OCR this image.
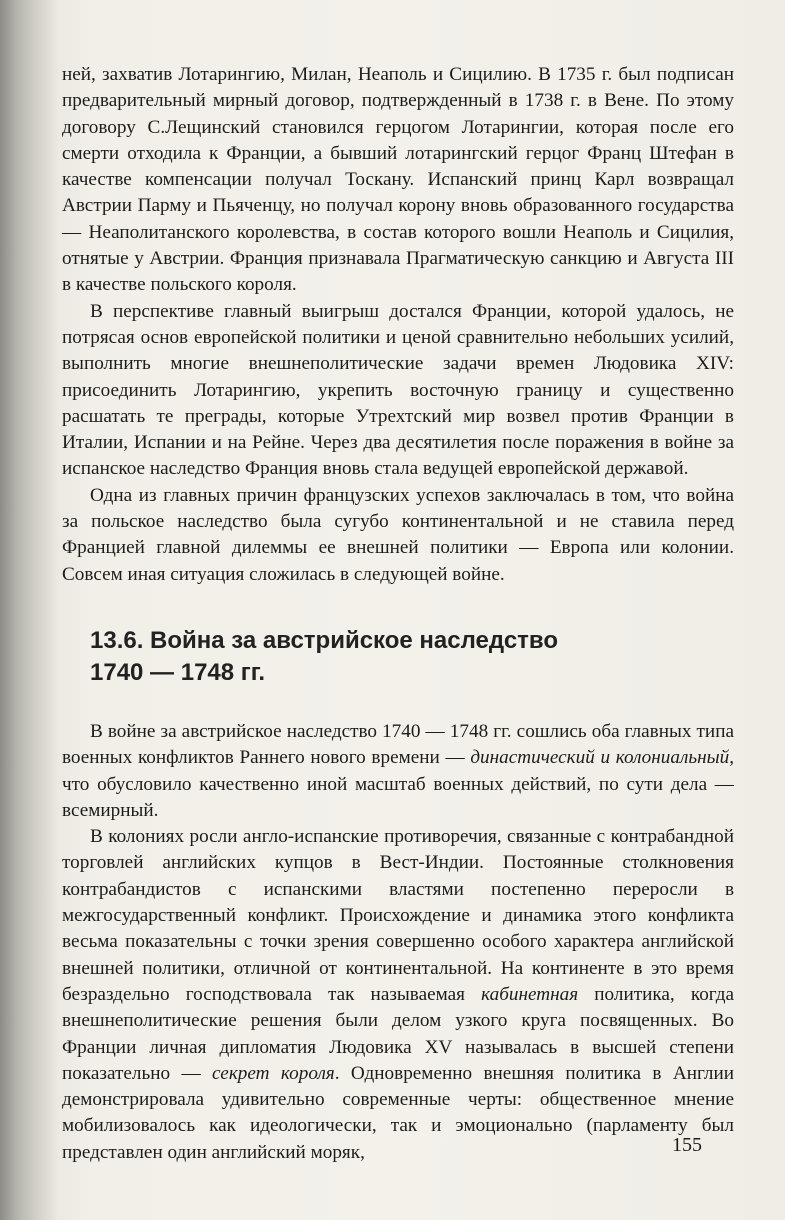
ней, захватив Лотарингию, Милан, Неаполь и Сицилию. В 1735 г. был подписан предварительный мирный договор, подтвержденный в 1738 г. в Вене. По этому договору С.Лещинский становился герцогом Лотарингии, которая после его смерти отходила к Франции, а бывший лотарингский герцог Франц Штефан в качестве компенсации получал Тоскану. Испанский принц Карл возвращал Австрии Парму и Пьяченцу, но получал корону вновь образованного государства — Неаполитанского королевства, в состав которого вошли Неаполь и Сицилия, отнятые у Австрии. Франция признавала Прагматическую санкцию и Августа III в качестве польского короля.

В перспективе главный выигрыш достался Франции, которой удалось, не потрясая основ европейской политики и ценой сравнительно небольших усилий, выполнить многие внешнеполитические задачи времен Людовика XIV: присоединить Лотарингию, укрепить восточную границу и существенно расшатать те преграды, которые Утрехтский мир возвел против Франции в Италии, Испании и на Рейне. Через два десятилетия после поражения в войне за испанское наследство Франция вновь стала ведущей европейской державой.

Одна из главных причин французских успехов заключалась в том, что война за польское наследство была сугубо континентальной и не ставила перед Францией главной дилеммы ее внешней политики — Европа или колонии. Совсем иная ситуация сложилась в следующей войне.

13.6. Война за австрийское наследство
1740 — 1748 гг.

В войне за австрийское наследство 1740 — 1748 гг. сошлись оба главных типа военных конфликтов Раннего нового времени — династический и колониальный, что обусловило качественно иной масштаб военных действий, по сути дела — всемирный.

В колониях росли англо-испанские противоречия, связанные с контрабандной торговлей английских купцов в Вест-Индии. Постоянные столкновения контрабандистов с испанскими властями постепенно переросли в межгосударственный конфликт. Происхождение и динамика этого конфликта весьма показательны с точки зрения совершенно особого характера английской внешней политики, отличной от континентальной. На континенте в это время безраздельно господствовала так называемая кабинетная политика, когда внешнеполитические решения были делом узкого круга посвященных. Во Франции личная дипломатия Людовика XV называлась в высшей степени показательно — секрет короля. Одновременно внешняя политика в Англии демонстрировала удивительно современные черты: общественное мнение мобилизовалось как идеологически, так и эмоционально (парламенту был представлен один английский моряк,	155
